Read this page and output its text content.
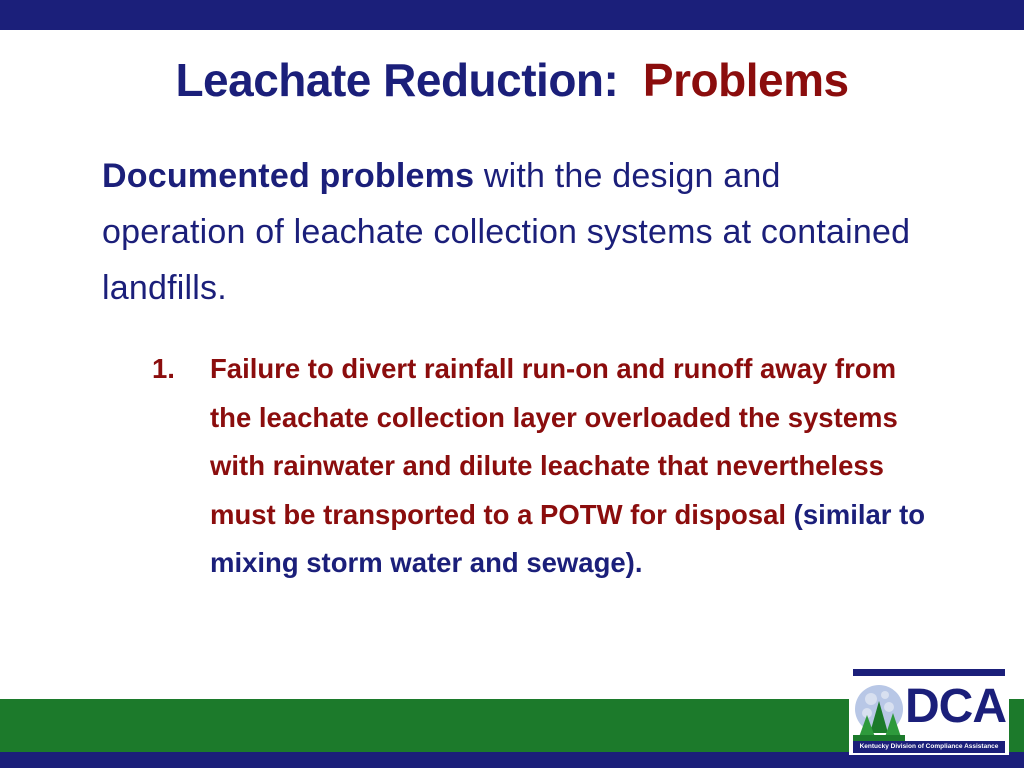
Leachate Reduction: Problems
Documented problems with the design and operation of leachate collection systems at contained landfills.
1. Failure to divert rainfall run-on and runoff away from the leachate collection layer overloaded the systems with rainwater and dilute leachate that nevertheless must be transported to a POTW for disposal (similar to mixing storm water and sewage).
DCA
Kentucky Division of Compliance Assistance
